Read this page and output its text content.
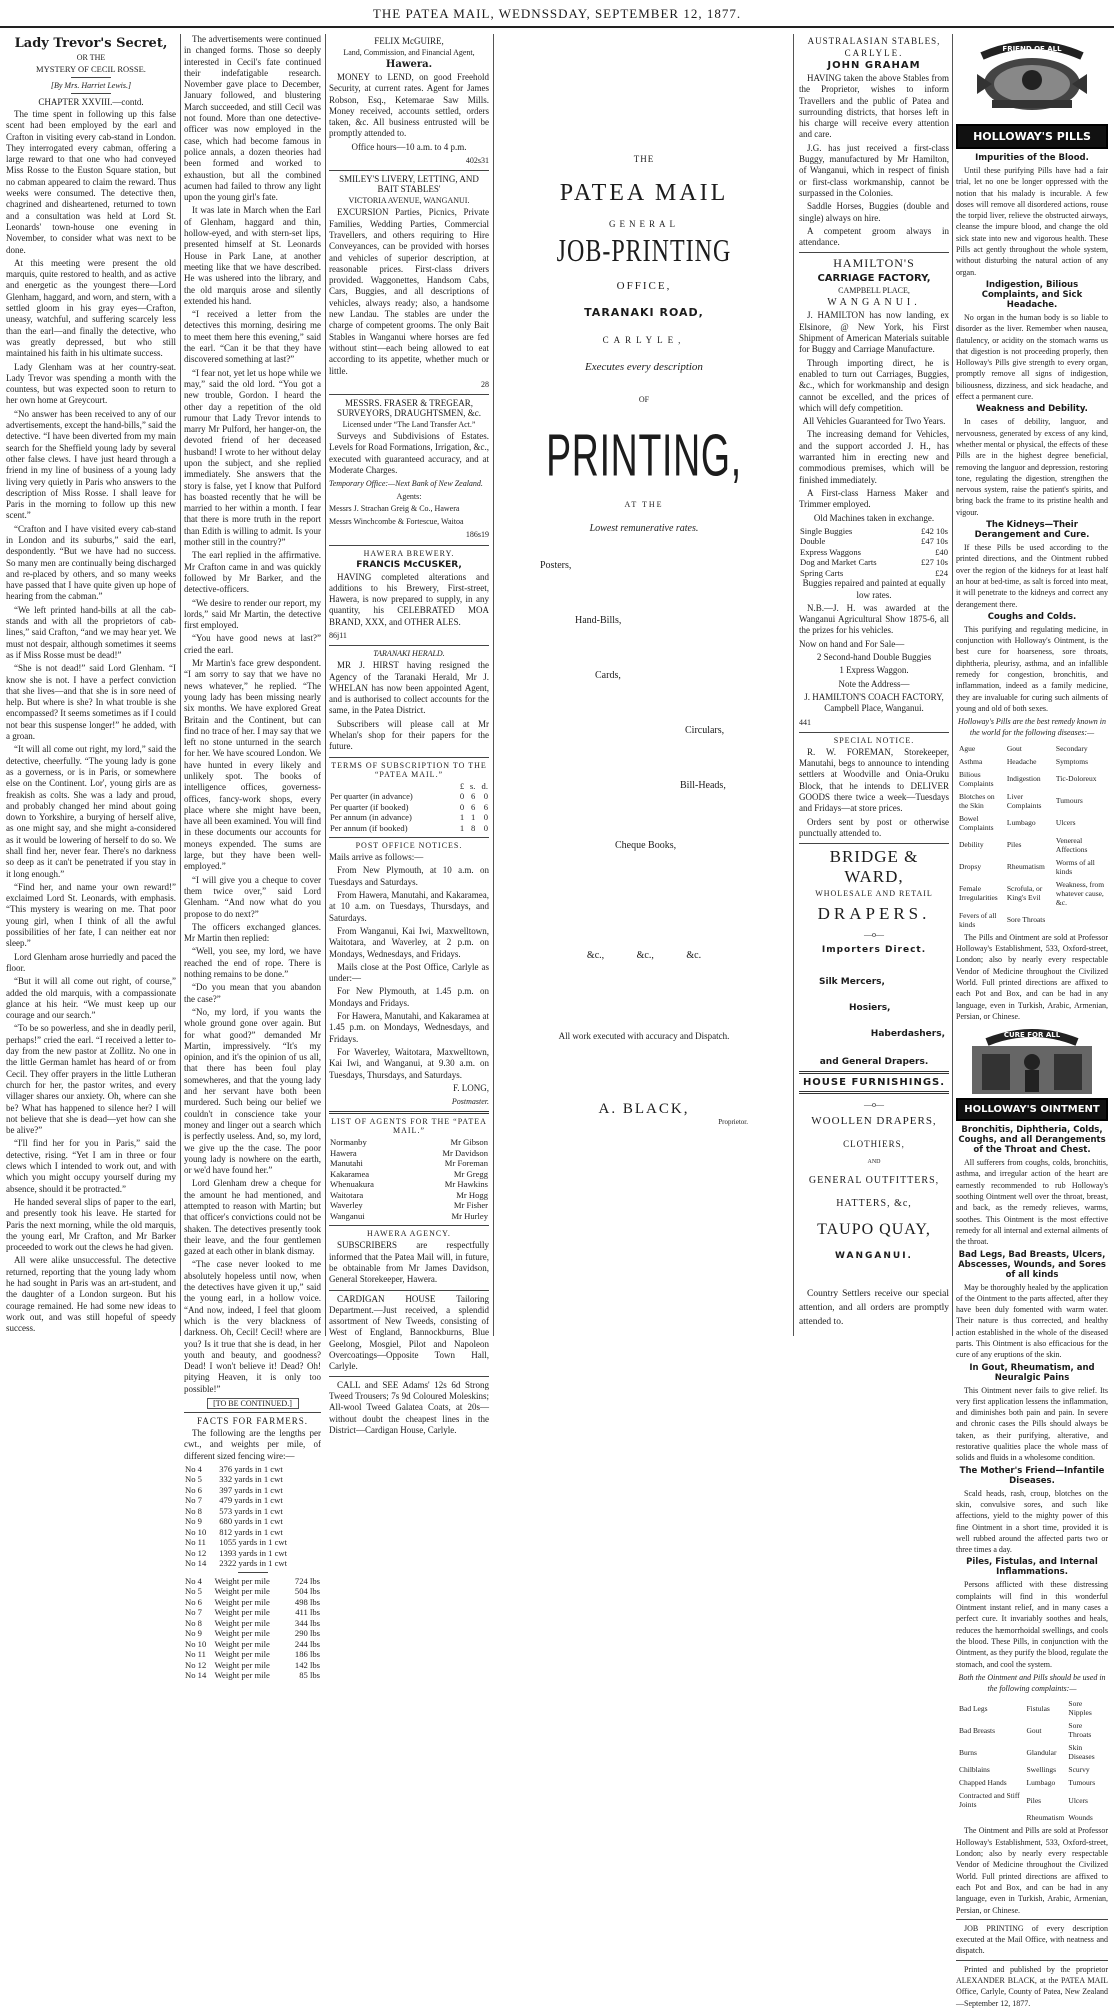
THE PATEA MAIL, WEDNSSDAY, SEPTEMBER 12, 1877.
Lady Trevor's Secret,
OR THE
MYSTERY OF CECIL ROSSE.
[By Mrs. Harriet Lewis.]
CHAPTER XXVIII.—contd.

The time spent in following up this false scent had been employed by the earl and Crafton in visiting every cab-stand in London. They interrogated every cabman, offering a large reward to that one who had conveyed Miss Rosse to the Euston Square station, but no cabman appeared to claim the reward. Thus weeks were consumed. The detective then, chagrined and disheartened, returned to town and a consultation was held at Lord St. Leonards' town-house one evening in November, to consider what was next to be done.

At this meeting were present the old marquis, quite restored to health, and as active and energetic as the youngest there—Lord Glenham, haggard, and worn, and stern, with a settled gloom in his gray eyes—Crafton, uneasy, watchful, and suffering scarcely less than the earl—and finally the detective, who was greatly depressed, but who still maintained his faith in his ultimate success.

Lady Glenham was at her country-seat. Lady Trevor was spending a month with the countess, but was expected soon to return to her own home at Greycourt.

“No answer has been received to any of our advertisements, except the hand-bills,” said the detective. “I have been diverted from my main search for the Sheffield young lady by several other false clews. I have just heard through a friend in my line of business of a young lady living very quietly in Paris who answers to the description of Miss Rosse. I shall leave for Paris in the morning to follow up this new scent.”

“Crafton and I have visited every cab-stand in London and its suburbs,” said the earl, despondently. “But we have had no success. So many men are continually being discharged and re-placed by others, and so many weeks have passed that I have quite given up hope of hearing from the cabman.”

“We left printed hand-bills at all the cab-stands and with all the proprietors of cab-lines,” said Crafton, “and we may hear yet. We must not despair, although sometimes it seems as if Miss Rosse must be dead!”

“She is not dead!” said Lord Glenham. “I know she is not. I have a perfect conviction that she lives—and that she is in sore need of help. But where is she? In what trouble is she encompassed? It seems sometimes as if I could not bear this suspense longer!” he added, with a groan.

“It will all come out right, my lord,” said the detective, cheerfully. “The young lady is gone as a governess, or is in Paris, or somewhere else on the Continent. Lor', young girls are as freakish as colts. She was a lady and proud, and probably changed her mind about going down to Yorkshire, a burying of herself alive, as one might say, and she might a-considered as it would be lowering of herself to do so. We shall find her, never fear. There's no darkness so deep as it can't be penetrated if you stay in it long enough.”

“Find her, and name your own reward!” exclaimed Lord St. Leonards, with emphasis. “This mystery is wearing on me. That poor young girl, when I think of all the awful possibilities of her fate, I can neither eat nor sleep.”

Lord Glenham arose hurriedly and paced the floor.

“But it will all come out right, of course,” added the old marquis, with a compassionate glance at his heir. “We must keep up our courage and our search.”

“To be so powerless, and she in deadly peril, perhaps!” cried the earl. “I received a letter to-day from the new pastor at Zollitz. No one in the little German hamlet has heard of or from Cecil. They offer prayers in the little Lutheran church for her, the pastor writes, and every villager shares our anxiety. Oh, where can she be? What has happened to silence her? I will not believe that she is dead—yet how can she be alive?”

“I'll find her for you in Paris,” said the detective, rising. “Yet I am in three or four clews which I intended to work out, and with which you might occupy yourself during my absence, should it be protracted.”

He handed several slips of paper to the earl, and presently took his leave. He started for Paris the next morning, while the old marquis, the young earl, Mr Crafton, and Mr Barker proceeded to work out the clews he had given.

All were alike unsuccessful. The detective returned, reporting that the young lady whom he had sought in Paris was an art-student, and the daughter of a London surgeon. But his courage remained. He had some new ideas to work out, and was still hopeful of speedy success.

The advertisements were continued in changed forms. Those so deeply interested in Cecil's fate continued their indefatigable research. November gave place to December, January followed, and blustering March succeeded, and still Cecil was not found. More than one detective-officer was now employed in the case, which had become famous in police annals, a dozen theories had been formed and worked to exhaustion, but all the combined acumen had failed to throw any light upon the young girl's fate.

It was late in March when the Earl of Glenham, haggard and thin, hollow-eyed, and with stern-set lips, presented himself at St. Leonards House in Park Lane, at another meeting like that we have described. He was ushered into the library, and the old marquis arose and silently extended his hand.

“I received a letter from the detectives this morning, desiring me to meet them here this evening,” said the earl. “Can it be that they have discovered something at last?”

“I fear not, yet let us hope while we may,” said the old lord. “You got a new trouble, Gordon. I heard the other day a repetition of the old rumour that Lady Trevor intends to marry Mr Pulford, her hanger-on, the devoted friend of her deceased husband! I wrote to her without delay upon the subject, and she replied immediately. She answers that the story is false, yet I know that Pulford has boasted recently that he will be married to her within a month. I fear that there is more truth in the report than Edith is willing to admit. Is your mother still in the country?”

The earl replied in the affirmative. Mr Crafton came in and was quickly followed by Mr Barker, and the detective-officers.

“We desire to render our report, my lords,” said Mr Martin, the detective first employed.

“You have good news at last?” cried the earl.

Mr Martin's face grew despondent. “I am sorry to say that we have no news whatever,” he replied. “The young lady has been missing nearly six months. We have explored Great Britain and the Continent, but can find no trace of her. I may say that we left no stone unturned in the search for her. We have scoured London. We have hunted in every likely and unlikely spot. The books of intelligence offices, governess-offices, fancy-work shops, every place where she might have been, have all been examined. You will find in these documents our accounts for moneys expended. The sums are large, but they have been well-employed.”

“I will give you a cheque to cover them twice over,” said Lord Glenham. “And now what do you propose to do next?”

The officers exchanged glances. Mr Martin then replied:

“Well, you see, my lord, we have reached the end of rope. There is nothing remains to be done.”

“Do you mean that you abandon the case?”

“No, my lord, if you wants the whole ground gone over again. But for what good?” demanded Mr Martin, impressively. “It's my opinion, and it's the opinion of us all, that there has been foul play somewheres, and that the young lady and her servant have both been murdered. Such being our belief we couldn't in conscience take your money and linger out a search which is perfectly useless. And, so, my lord, we give up the the case. The poor young lady is nowhere on the earth, or we'd have found her.”

Lord Glenham drew a cheque for the amount he had mentioned, and attempted to reason with Martin; but that officer's convictions could not be shaken. The detectives presently took their leave, and the four gentlemen gazed at each other in blank dismay.

“The case never looked to me absolutely hopeless until now, when the detectives have given it up,” said the young earl, in a hollow voice. “And now, indeed, I feel that gloom which is the very blackness of darkness. Oh, Cecil! Cecil! where are you? Is it true that she is dead, in her youth and beauty, and goodness? Dead! I won't believe it! Dead? Oh! pitying Heaven, it is only too possible!”

[TO BE CONTINUED.]
FACTS FOR FARMERS.

The following are the lengths per cwt., and weights per mile, of different sized fencing wire:—

No 4	376 yards in 1 cwt
No 5	332 yards in 1 cwt
No 6	397 yards in 1 cwt
No 7	479 yards in 1 cwt
No 8	573 yards in 1 cwt
No 9	680 yards in 1 cwt
No 10	812 yards in 1 cwt
No 11	1055 yards in 1 cwt
No 12	1393 yards in 1 cwt
No 14	2322 yards in 1 cwt
No 4	Weight per mile	724 lbs
No 5	Weight per mile	504 lbs
No 6	Weight per mile	498 lbs
No 7	Weight per mile	411 lbs
No 8	Weight per mile	344 lbs
No 9	Weight per mile	290 lbs
No 10	Weight per mile	244 lbs
No 11	Weight per mile	186 lbs
No 12	Weight per mile	142 lbs
No 14	Weight per mile	85 lbs
FELIX McGUIRE,
Land, Commission, and Financial Agent,
Hawera.

MONEY to LEND, on good Freehold Security, at current rates. Agent for James Robson, Esq., Ketemarae Saw Mills. Money received, accounts settled, orders taken, &c. All business entrusted will be promptly attended to.

Office hours—10 a.m. to 4 p.m.

402s31

SMILEY'S LIVERY, LETTING, AND BAIT STABLES'
VICTORIA AVENUE, WANGANUI.

EXCURSION Parties, Picnics, Private Families, Wedding Parties, Commercial Travellers, and others requiring to Hire Conveyances, can be provided with horses and vehicles of superior description, at reasonable prices. First-class drivers provided. Waggonettes, Handsom Cabs, Cars, Buggies, and all descriptions of vehicles, always ready; also, a handsome new Landau. The stables are under the charge of competent grooms. The only Bait Stables in Wanganui where horses are fed without stint—each being allowed to eat according to its appetite, whether much or little.

28

MESSRS. FRASER & TREGEAR, SURVEYORS, DRAUGHTSMEN, &c.
Licensed under “The Land Transfer Act.”

Surveys and Subdivisions of Estates. Levels for Road Formations, Irrigation, &c., executed with guaranteed accuracy, and at Moderate Charges.

Temporary Office:—Next Bank of New Zealand.

Agents:

Messrs J. Strachan Greig & Co., Hawera

Messrs Winchcombe & Fortescue, Waitoa

186s19

HAWERA BREWERY.
FRANCIS McCUSKER,

HAVING completed alterations and additions to his Brewery, First-street, Hawera, is now prepared to supply, in any quantity, his CELEBRATED MOA BRAND, XXX, and OTHER ALES.

86j11

TARANAKI HERALD.

MR J. HIRST having resigned the Agency of the Taranaki Herald, Mr J. WHELAN has now been appointed Agent, and is authorised to collect accounts for the same, in the Patea District.

Subscribers will please call at Mr Whelan's shop for their papers for the future.

TERMS OF SUBSCRIPTION TO THE “PATEA MAIL.”
	£	s.	d.
Per quarter (in advance)	0	6	0
Per quarter (if booked)	0	6	6
Per annum (in advance)	1	1	0
Per annum (if booked)	1	8	0
POST OFFICE NOTICES.

Mails arrive as follows:—

From New Plymouth, at 10 a.m. on Tuesdays and Saturdays.

From Hawera, Manutahi, and Kakaramea, at 10 a.m. on Tuesdays, Thursdays, and Saturdays.

From Wanganui, Kai Iwi, Maxwelltown, Waitotara, and Waverley, at 2 p.m. on Mondays, Wednesdays, and Fridays.

Mails close at the Post Office, Carlyle as under:—

For New Plymouth, at 1.45 p.m. on Mondays and Fridays.

For Hawera, Manutahi, and Kakaramea at 1.45 p.m. on Mondays, Wednesdays, and Fridays.

For Waverley, Waitotara, Maxwelltown, Kai Iwi, and Wanganui, at 9.30 a.m. on Tuesdays, Thursdays, and Saturdays.

F. LONG,

Postmaster.

LIST OF AGENTS FOR THE “PATEA MAIL.”
Normanby	Mr Gibson
Hawera	Mr Davidson
Manutahi	Mr Foreman
Kakaramea	Mr Gregg
Whenuakura	Mr Hawkins
Waitotara	Mr Hogg
Waverley	Mr Fisher
Wanganui	Mr Hurley
HAWERA AGENCY.

SUBSCRIBERS are respectfully informed that the Patea Mail will, in future, be obtainable from Mr James Davidson, General Storekeeper, Hawera.

CARDIGAN HOUSE Tailoring Department.—Just received, a splendid assortment of New Tweeds, consisting of West of England, Bannockburns, Blue Geelong, Mosgiel, Pilot and Napoleon Overcoatings—Opposite Town Hall, Carlyle.

CALL and SEE Adams' 12s 6d Strong Tweed Trousers; 7s 9d Coloured Moleskins; All-wool Tweed Galatea Coats, at 20s—without doubt the cheapest lines in the District—Cardigan House, Carlyle.

THE
PATEA MAIL
GENERAL
JOB-PRINTING
OFFICE,
TARANAKI ROAD,
CARLYLE,
Executes every description
OF
PRINTING,
AT THE
Lowest remunerative rates.
Posters,
Hand-Bills,
Cards,
Circulars,
Bill-Heads,
Cheque Books,
&c., &c., &c.
All work executed with accuracy and Dispatch.
A. BLACK,
Proprietor.
AUSTRALASIAN STABLES,
CARLYLE.
JOHN GRAHAM

HAVING taken the above Stables from the Proprietor, wishes to inform Travellers and the public of Patea and surrounding districts, that horses left in his charge will receive every attention and care.

J.G. has just received a first-class Buggy, manufactured by Mr Hamilton, of Wanganui, which in respect of finish or first-class workmanship, cannot be surpassed in the Colonies.

Saddle Horses, Buggies (double and single) always on hire.

A competent groom always in attendance.

HAMILTON'S
CARRIAGE FACTORY,
CAMPBELL PLACE,
WANGANUI.

J. HAMILTON has now landing, ex Elsinore, @ New York, his First Shipment of American Materials suitable for Buggy and Carriage Manufacture.

Through importing direct, he is enabled to turn out Carriages, Buggies, &c., which for workmanship and design cannot be excelled, and the prices of which will defy competition.

All Vehicles Guaranteed for Two Years.

The increasing demand for Vehicles, and the support accorded J. H., has warranted him in erecting new and commodious premises, which will be finished immediately.

A First-class Harness Maker and Trimmer employed.

Old Machines taken in exchange.

Single Buggies	£42 10s
Double	£47 10s
Express Waggons	£40
Dog and Market Carts	£27 10s
Spring Carts	£24

Buggies repaired and painted at equally low rates.

N.B.—J. H. was awarded at the Wanganui Agricultural Show 1875-6, all the prizes for his vehicles.

Now on hand and For Sale—

2 Second-hand Double Buggies

1 Express Waggon.

Note the Address—

J. HAMILTON'S COACH FACTORY, Campbell Place, Wanganui.

441

SPECIAL NOTICE.

R. W. FOREMAN, Storekeeper, Manutahi, begs to announce to intending settlers at Woodville and Onia-Oruku Block, that he intends to DELIVER GOODS there twice a week—Tuesdays and Fridays—at store prices.

Orders sent by post or otherwise punctually attended to.

BRIDGE & WARD,
WHOLESALE AND RETAIL
DRAPERS.
—o—
Importers Direct.
Silk Mercers,
Hosiers,
Haberdashers,
and General Drapers.
HOUSE FURNISHINGS.
—o—
WOOLLEN DRAPERS,
CLOTHIERS,
AND
GENERAL OUTFITTERS,
HATTERS, &c,
TAUPO QUAY,
WANGANUI.

Country Settlers receive our special attention, and all orders are promptly attended to.

FRIEND OF ALL
HOLLOWAY'S PILLS
Impurities of the Blood.

Until these purifying Pills have had a fair trial, let no one be longer oppressed with the notion that his malady is incurable. A few doses will remove all disordered actions, rouse the torpid liver, relieve the obstructed airways, cleanse the impure blood, and change the old sick state into new and vigorous health. These Pills act gently throughout the whole system, without disturbing the natural action of any organ.

Indigestion, Bilious Complaints, and Sick Headache.

No organ in the human body is so liable to disorder as the liver. Remember when nausea, flatulency, or acidity on the stomach warns us that digestion is not proceeding properly, then Holloway's Pills give strength to every organ, promptly remove all signs of indigestion, biliousness, dizziness, and sick headache, and effect a permanent cure.

Weakness and Debility.

In cases of debility, languor, and nervousness, generated by excess of any kind, whether mental or physical, the effects of these Pills are in the highest degree beneficial, removing the languor and depression, restoring tone, regulating the digestion, strengthen the nervous system, raise the patient's spirits, and bring back the frame to its pristine health and vigour.

The Kidneys—Their Derangement and Cure.

If these Pills be used according to the printed directions, and the Ointment rubbed over the region of the kidneys for at least half an hour at bed-time, as salt is forced into meat, it will penetrate to the kidneys and correct any derangement there.

Coughs and Colds.

This purifying and regulating medicine, in conjunction with Holloway's Ointment, is the best cure for hoarseness, sore throats, diphtheria, pleurisy, asthma, and an infallible remedy for congestion, bronchitis, and inflammation, indeed as a family medicine, they are invaluable for curing such ailments of young and old of both sexes.

Holloway's Pills are the best remedy known in the world for the following diseases:—

Ague	Gout	Secondary
Asthma	Headache	Symptoms
Bilious Complaints	Indigestion	Tic-Doloreux
Blotches on the Skin	Liver Complaints	Tumours
Bowel Complaints	Lumbago	Ulcers
Debility	Piles	Venereal Affections
Dropsy	Rheumatism	Worms of all kinds
Female Irregularities	Scrofula, or King's Evil	Weakness, from whatever cause, &c.
Fevers of all kinds	Sore Throats	

The Pills and Ointment are sold at Professor Holloway's Establishment, 533, Oxford-street, London; also by nearly every respectable Vendor of Medicine throughout the Civilized World. Full printed directions are affixed to each Pot and Box, and can be had in any language, even in Turkish, Arabic, Armenian, Persian, or Chinese.

CURE FOR ALL
HOLLOWAY'S OINTMENT
Bronchitis, Diphtheria, Colds, Coughs, and all Derangements of the Throat and Chest.

All sufferers from coughs, colds, bronchitis, asthma, and irregular action of the heart are earnestly recommended to rub Holloway's soothing Ointment well over the throat, breast, and back, as the remedy relieves, warms, soothes. This Ointment is the most effective remedy for all internal and external ailments of the throat.

Bad Legs, Bad Breasts, Ulcers, Abscesses, Wounds, and Sores of all kinds

May be thoroughly healed by the application of the Ointment to the parts affected, after they have been duly fomented with warm water. Their nature is thus corrected, and healthy action established in the whole of the diseased parts. This Ointment is also efficacious for the cure of any eruptions of the skin.

In Gout, Rheumatism, and Neuralgic Pains

This Ointment never fails to give relief. Its very first application lessens the inflammation, and diminishes both pain and pain. In severe and chronic cases the Pills should always be taken, as their purifying, alterative, and restorative qualities place the whole mass of solids and fluids in a wholesome condition.

The Mother's Friend—Infantile Diseases.

Scald heads, rash, croup, blotches on the skin, convulsive sores, and such like affections, yield to the mighty power of this fine Ointment in a short time, provided it is well rubbed around the affected parts two or three times a day.

Piles, Fistulas, and Internal Inflammations.

Persons afflicted with these distressing complaints will find in this wonderful Ointment instant relief, and in many cases a perfect cure. It invariably soothes and heals, reduces the hæmorrhoidal swellings, and cools the blood. These Pills, in conjunction with the Ointment, as they purify the blood, regulate the stomach, and cool the system.

Both the Ointment and Pills should be used in the following complaints:—

Bad Legs	Fistulas	Sore Nipples
Bad Breasts	Gout	Sore Throats
Burns	Glandular	Skin Diseases
Chilblains	Swellings	Scurvy
Chapped Hands	Lumbago	Tumours
Contracted and Stiff Joints	Piles	Ulcers
	Rheumatism	Wounds

The Ointment and Pills are sold at Professor Holloway's Establishment, 533, Oxford-street, London; also by nearly every respectable Vendor of Medicine throughout the Civilized World. Full printed directions are affixed to each Pot and Box, and can be had in any language, even in Turkish, Arabic, Armenian, Persian, or Chinese.

JOB PRINTING of every description executed at the Mail Office, with neatness and dispatch.

Printed and published by the proprietor ALEXANDER BLACK, at the PATEA MAIL Office, Carlyle, County of Patea, New Zealand—September 12, 1877.
